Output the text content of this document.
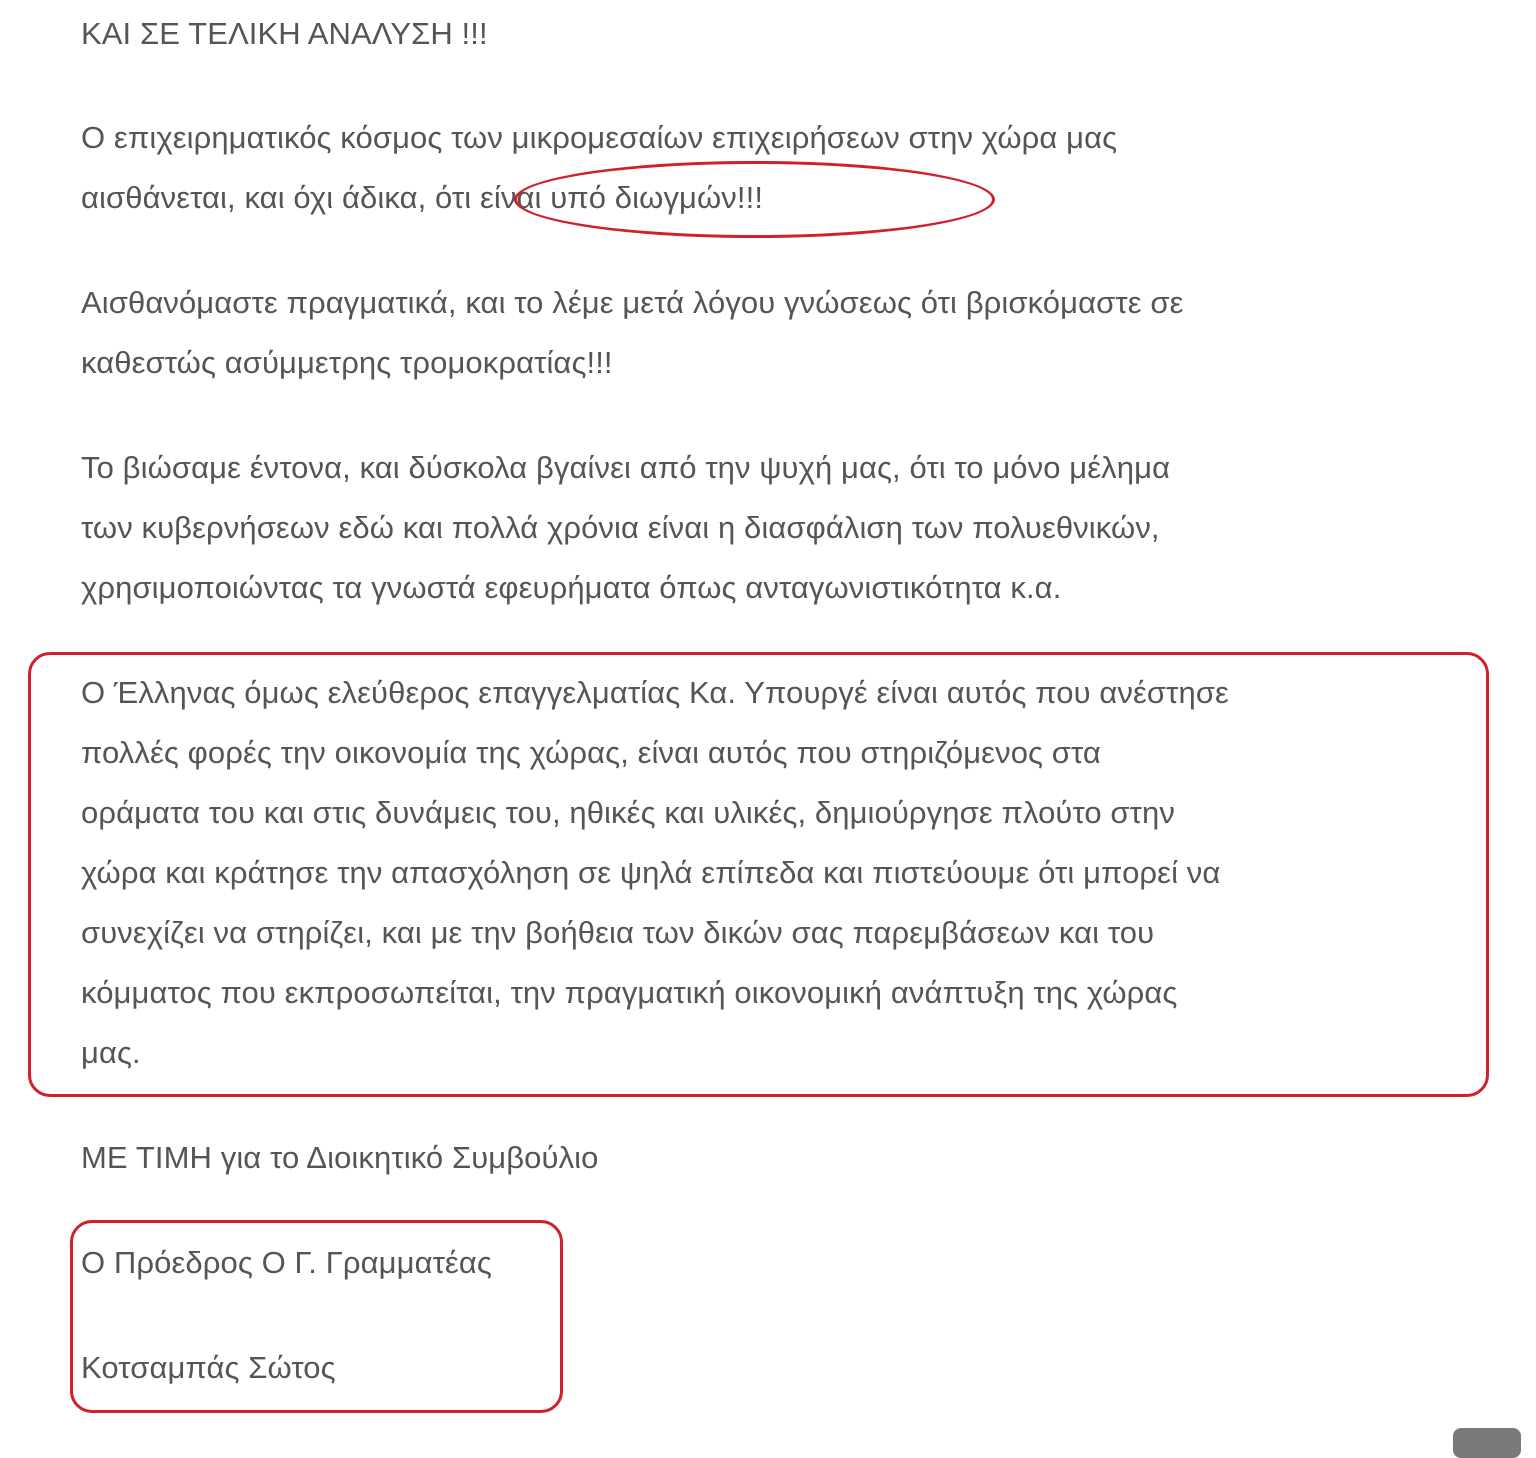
ΚΑΙ ΣΕ ΤΕΛΙΚΗ ΑΝΑΛΥΣΗ !!!

Ο επιχειρηματικός κόσμος των μικρομεσαίων επιχειρήσεων στην χώρα μας
αισθάνεται, και όχι άδικα, ότι είναι υπό διωγμών!!!

Αισθανόμαστε πραγματικά, και το λέμε μετά λόγου γνώσεως ότι βρισκόμαστε σε
καθεστώς ασύμμετρης τρομοκρατίας!!!

Το βιώσαμε έντονα, και δύσκολα βγαίνει από την ψυχή μας, ότι το μόνο μέλημα
των κυβερνήσεων εδώ και πολλά χρόνια είναι η διασφάλιση των πολυεθνικών,
χρησιμοποιώντας τα γνωστά εφευρήματα όπως ανταγωνιστικότητα κ.α.

Ο Έλληνας όμως ελεύθερος επαγγελματίας Κα. Υπουργέ είναι αυτός που ανέστησε
πολλές φορές την οικονομία της χώρας, είναι αυτός που στηριζόμενος στα
οράματα του και στις δυνάμεις του, ηθικές και υλικές, δημιούργησε πλούτο στην
χώρα και κράτησε την απασχόληση σε ψηλά επίπεδα και πιστεύουμε ότι μπορεί να
συνεχίζει να στηρίζει, και με την βοήθεια των δικών σας παρεμβάσεων και του
κόμματος που εκπροσωπείται, την πραγματική οικονομική ανάπτυξη της χώρας
μας.

ΜΕ ΤΙΜΗ για το Διοικητικό Συμβούλιο

Ο Πρόεδρος Ο Γ. Γραμματέας

Κοτσαμπάς Σώτος
